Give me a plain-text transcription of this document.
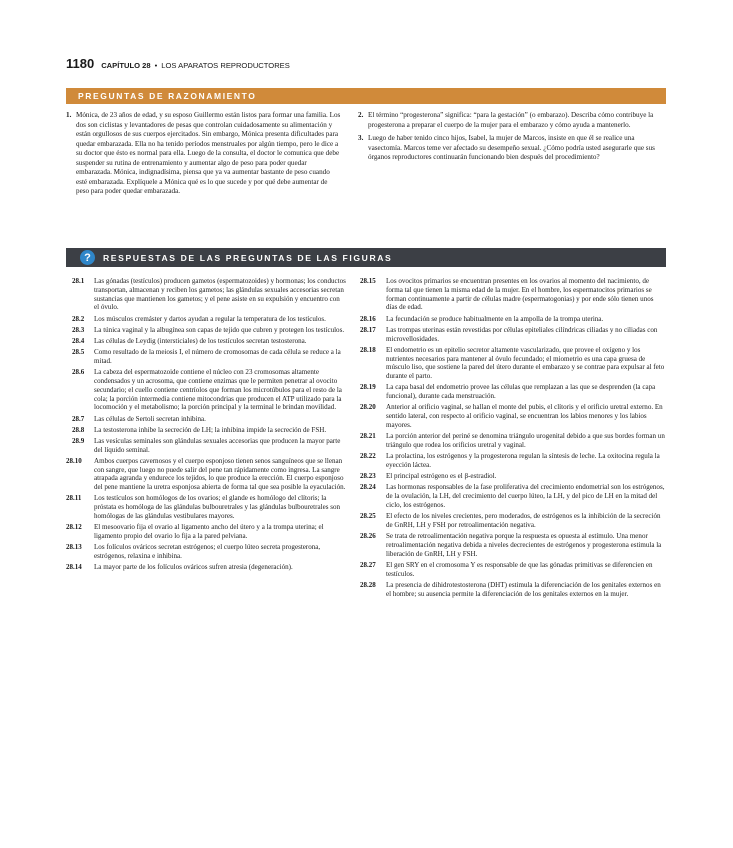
1180 CAPÍTULO 28 • LOS APARATOS REPRODUCTORES
PREGUNTAS DE RAZONAMIENTO
1. Mónica, de 23 años de edad, y su esposo Guillermo están listos para formar una familia. Los dos son ciclistas y levantadores de pesas que controlan cuidadosamente su alimentación y están orgullosos de sus cuerpos ejercitados. Sin embargo, Mónica presenta dificultades para quedar embarazada. Ella no ha tenido períodos menstruales por algún tiempo, pero le dice a su doctor que ésto es normal para ella. Luego de la consulta, el doctor le comunica que debe suspender su rutina de entrenamiento y aumentar algo de peso para poder quedar embarazada. Mónica, indignadísima, piensa que ya va aumentar bastante de peso cuando esté embarazada. Explíquele a Mónica qué es lo que sucede y por qué debe aumentar de peso para poder quedar embarazada.
2. El término “progesterona” significa: “para la gestación” (o embarazo). Describa cómo contribuye la progesterona a preparar el cuerpo de la mujer para el embarazo y cómo ayuda a mantenerlo.
3. Luego de haber tenido cinco hijos, Isabel, la mujer de Marcos, insiste en que él se realice una vasectomía. Marcos teme ver afectado su desempeño sexual. ¿Cómo podría usted asegurarle que sus órganos reproductores continuarán funcionando bien después del procedimiento?
?	RESPUESTAS DE LAS PREGUNTAS DE LAS FIGURAS
28.1 Las gónadas (testículos) producen gametos (espermatozoides) y hormonas; los conductos transportan, almacenan y reciben los gametos; las glándulas sexuales accesorias secretan sustancias que mantienen los gametos; y el pene asiste en su expulsión y encuentro con el óvulo.
28.2 Los músculos cremáster y dartos ayudan a regular la temperatura de los testículos.
28.3 La túnica vaginal y la albugínea son capas de tejido que cubren y protegen los testículos.
28.4 Las células de Leydig (intersticiales) de los testículos secretan testosterona.
28.5 Como resultado de la meiosis I, el número de cromosomas de cada célula se reduce a la mitad.
28.6 La cabeza del espermatozoide contiene el núcleo con 23 cromosomas altamente condensados y un acrosoma, que contiene enzimas que le permiten penetrar al ovocito secundario; el cuello contiene centríolos que forman los microtúbulos para el resto de la cola; la porción intermedia contiene mitocondrias que producen el ATP utilizado para la locomoción y el metabolismo; la porción principal y la terminal le brindan movilidad.
28.7 Las células de Sertoli secretan inhibina.
28.8 La testosterona inhibe la secreción de LH; la inhibina impide la secreción de FSH.
28.9 Las vesículas seminales son glándulas sexuales accesorias que producen la mayor parte del líquido seminal.
28.10 Ambos cuerpos cavernosos y el cuerpo esponjoso tienen senos sanguíneos que se llenan con sangre, que luego no puede salir del pene tan rápidamente como ingresa. La sangre atrapada agranda y endurece los tejidos, lo que produce la erección. El cuerpo esponjoso del pene mantiene la uretra esponjosa abierta de forma tal que sea posible la eyaculación.
28.11 Los testículos son homólogos de los ovarios; el glande es homólogo del clítoris; la próstata es homóloga de las glándulas bulbouretrales y las glándulas bulbouretrales son homólogas de las glándulas vestibulares mayores.
28.12 El mesoovario fija el ovario al ligamento ancho del útero y a la trompa uterina; el ligamento propio del ovario lo fija a la pared pelviana.
28.13 Los folículos ováricos secretan estrógenos; el cuerpo lúteo secreta progesterona, estrógenos, relaxina e inhibina.
28.14 La mayor parte de los folículos ováricos sufren atresia (degeneración).
28.15 Los ovocitos primarios se encuentran presentes en los ovarios al momento del nacimiento, de forma tal que tienen la misma edad de la mujer. En el hombre, los espermatocitos primarios se forman continuamente a partir de células madre (espermatogonias) y por ende sólo tienen unos días de edad.
28.16 La fecundación se produce habitualmente en la ampolla de la trompa uterina.
28.17 Las trompas uterinas están revestidas por células epiteliales cilíndricas ciliadas y no ciliadas con microvellosidades.
28.18 El endometrio es un epitelio secretor altamente vascularizado, que provee el oxígeno y los nutrientes necesarios para mantener al óvulo fecundado; el miometrio es una capa gruesa de músculo liso, que sostiene la pared del útero durante el embarazo y se contrae para expulsar al feto durante el parto.
28.19 La capa basal del endometrio provee las células que remplazan a las que se desprenden (la capa funcional), durante cada menstruación.
28.20 Anterior al orificio vaginal, se hallan el monte del pubis, el clítoris y el orificio uretral externo. En sentido lateral, con respecto al orificio vaginal, se encuentran los labios menores y los labios mayores.
28.21 La porción anterior del periné se denomina triángulo urogenital debido a que sus bordes forman un triángulo que rodea los orificios uretral y vaginal.
28.22 La prolactina, los estrógenos y la progesterona regulan la síntesis de leche. La oxitocina regula la eyección láctea.
28.23 El principal estrógeno es el β-estradiol.
28.24 Las hormonas responsables de la fase proliferativa del crecimiento endometrial son los estrógenos, de la ovulación, la LH, del crecimiento del cuerpo lúteo, la LH, y del pico de LH en la mitad del ciclo, los estrógenos.
28.25 El efecto de los niveles crecientes, pero moderados, de estrógenos es la inhibición de la secreción de GnRH, LH y FSH por retroalimentación negativa.
28.26 Se trata de retroalimentación negativa porque la respuesta es opuesta al estímulo. Una menor retroalimentación negativa debida a niveles decrecientes de estrógenos y progesterona estimula la liberación de GnRH, LH y FSH.
28.27 El gen SRY en el cromosoma Y es responsable de que las gónadas primitivas se diferencien en testículos.
28.28 La presencia de dihidrotestosterona (DHT) estimula la diferenciación de los genitales externos en el hombre; su ausencia permite la diferenciación de los genitales externos en la mujer.
